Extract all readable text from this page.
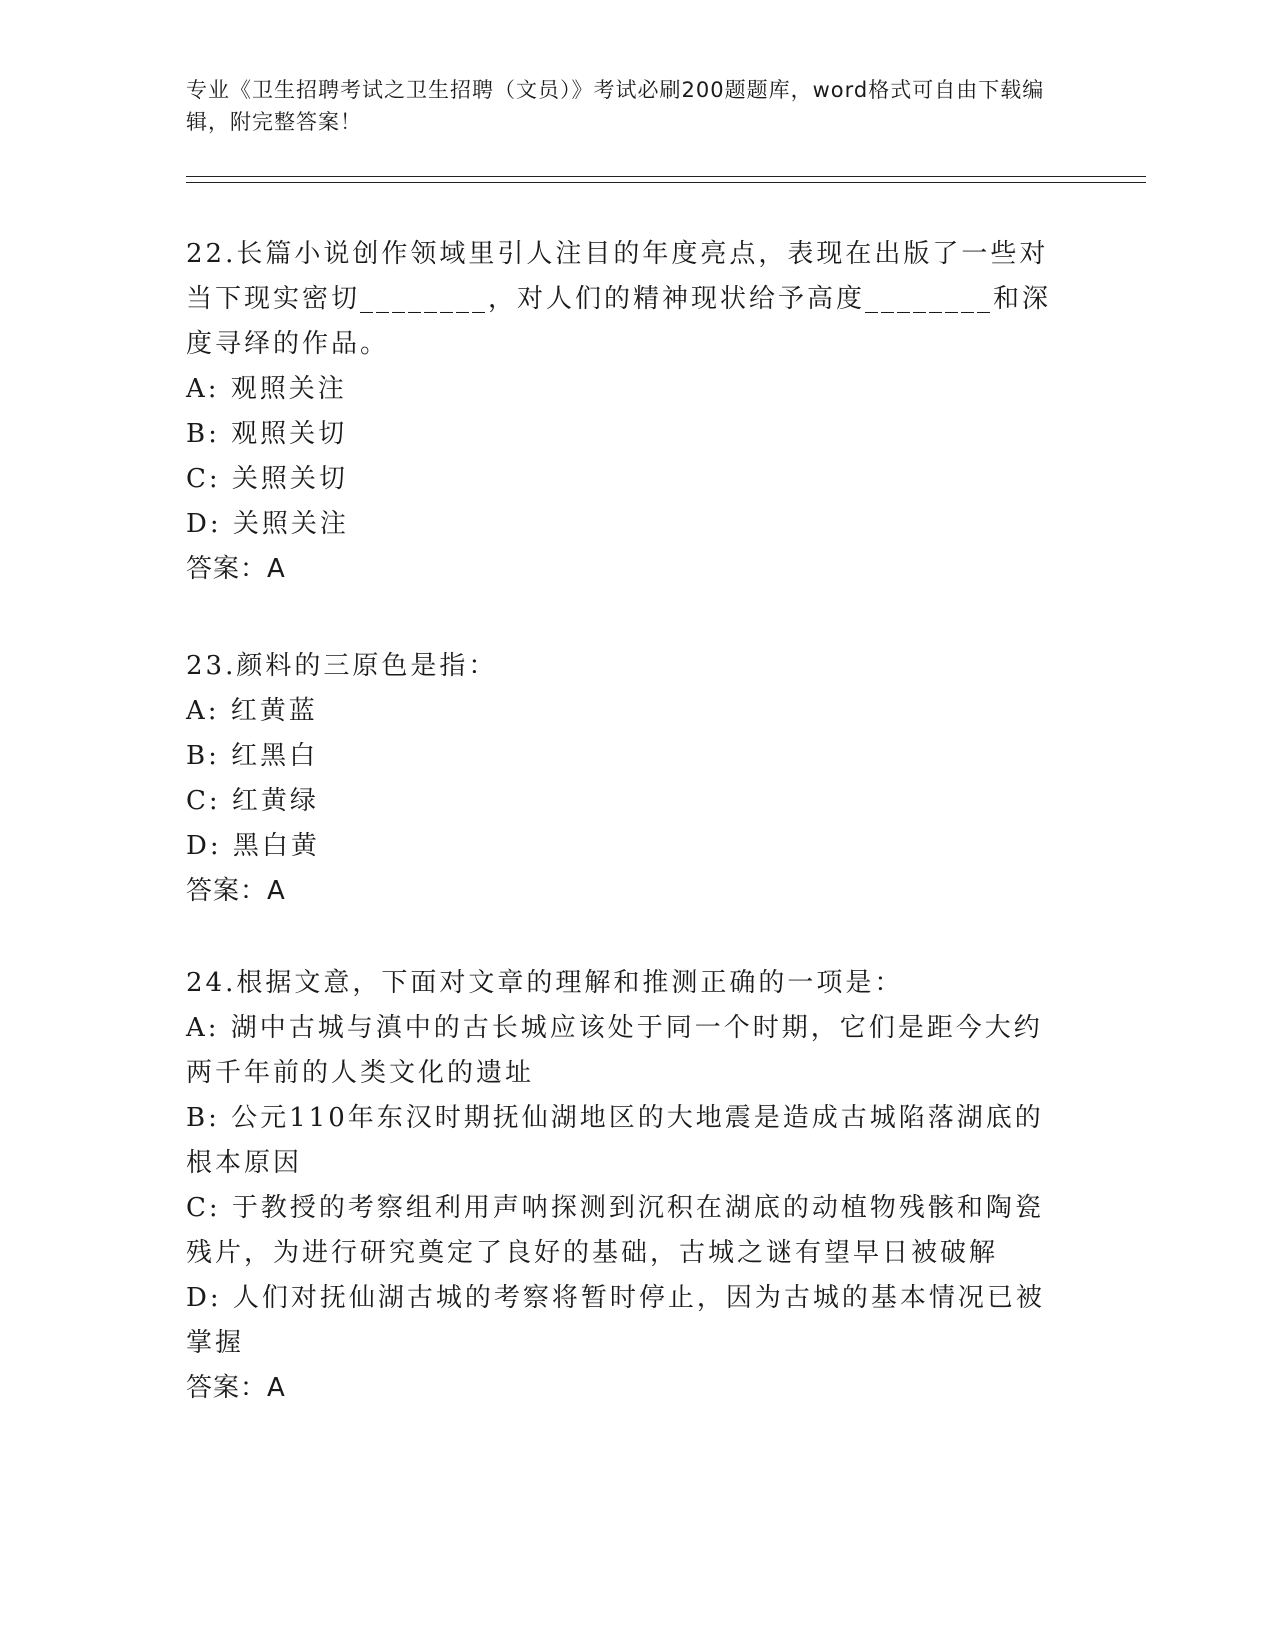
专业《卫生招聘考试之卫生招聘（文员）》考试必刷200题题库，word格式可自由下载编辑，附完整答案！

22.长篇小说创作领域里引人注目的年度亮点，表现在出版了一些对当下现实密切________，对人们的精神现状给予高度________和深度寻绎的作品。

A: 观照关注

B: 观照关切

C: 关照关切

D: 关照关注

答案：A

23.颜料的三原色是指：

A: 红黄蓝

B: 红黑白

C: 红黄绿

D: 黑白黄

答案：A

24.根据文意，下面对文章的理解和推测正确的一项是：

A: 湖中古城与滇中的古长城应该处于同一个时期，它们是距今大约两千年前的人类文化的遗址

B: 公元110年东汉时期抚仙湖地区的大地震是造成古城陷落湖底的根本原因

C: 于教授的考察组利用声呐探测到沉积在湖底的动植物残骸和陶瓷残片，为进行研究奠定了良好的基础，古城之谜有望早日被破解

D: 人们对抚仙湖古城的考察将暂时停止，因为古城的基本情况已被掌握

答案：A
